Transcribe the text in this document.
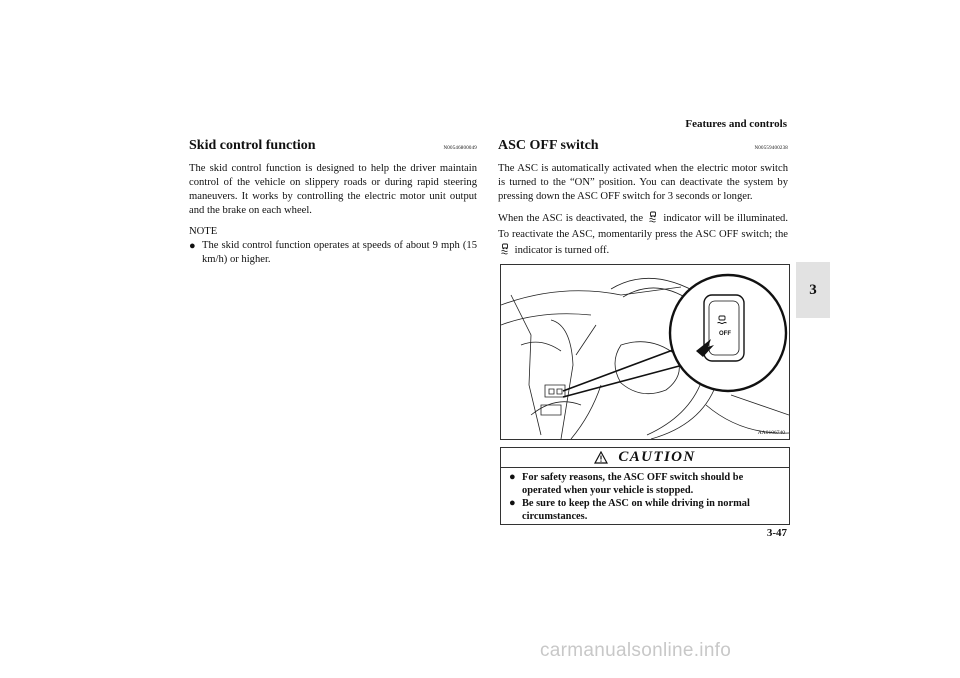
Features and controls
3
Skid control function	N00546800049

The skid control function is designed to help the driver maintain control of the vehicle on slippery roads or during rapid steering maneuvers. It works by controlling the electric motor unit output and the brake on each wheel.

NOTE
● The skid control function operates at speeds of about 9 mph (15 km/h) or higher.
ASC OFF switch	N00559400238

The ASC is automatically activated when the electric motor switch is turned to the “ON” position. You can deactivate the system by pressing down the ASC OFF switch for 3 seconds or longer.

When the ASC is deactivated, the indicator will be illuminated. To reactivate the ASC, momentarily press the ASC OFF switch; the  indicator is turned off.

OFF
AA0106740
CAUTION
● For safety reasons, the ASC OFF switch should be operated when your vehicle is stopped.
● Be sure to keep the ASC on while driving in normal circumstances.
3-47
carmanualsonline.info
